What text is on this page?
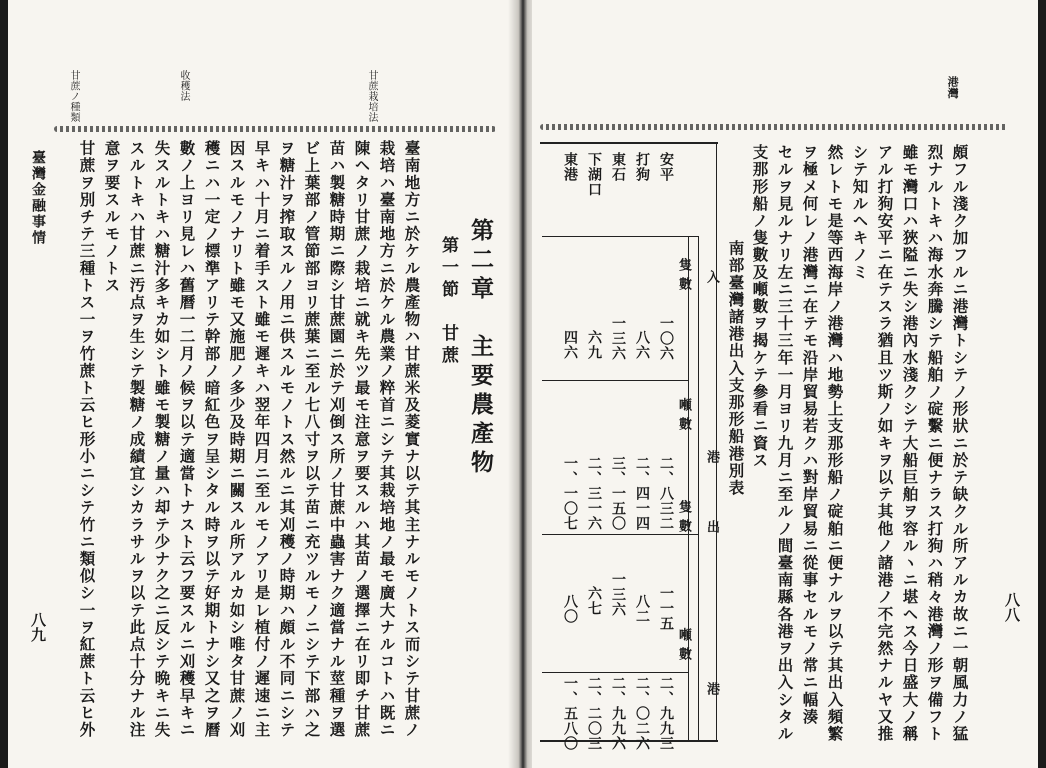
甘蔗栽培法
收穫法
甘蔗ノ種類
第二章　主要農產物
第一節　甘蔗
臺南地方ニ於ケル農產物ハ甘蔗米及菱實ナ以テ其主ナルモノトス而シテ甘蔗ノ
栽培ハ臺南地方ニ於ケル農業ノ粹首ニシテ其栽培地ノ最モ廣大ナルコトハ既ニ
陳ヘタリ甘蔗ノ栽培ニ就キ先ツ最モ注意ヲ要スルハ其苗ノ選擇ニ在リ即チ甘蔗
苗ハ製糖時期ニ際シ甘蔗園ニ於テ刈倒ス所ノ甘蔗中蟲害ナク適當ナル莖種ヲ選
ビ上葉部ノ管節部ヨリ蔗葉ニ至ル七八寸ヲ以テ苗ニ充ツルモノニシテ下部ハ之
ヲ糖汁ヲ搾取スルノ用ニ供スルモノトス然ルニ其刈穫ノ時期ハ頗ル不同ニシテ
早キハ十月ニ着手スト雖モ遲キハ翌年四月ニ至ルモノアリ是レ植付ノ遲速ニ主
因スルモノナリト雖モ又施肥ノ多少及時期ニ關スル所アルカ如シ唯タ甘蔗ノ刈
穫ニハ一定ノ標準アリテ幹部ノ暗紅色ヲ呈シタル時ヲ以テ好期トナシ又之ヲ曆
數ノ上ヨリ見レハ舊曆一二月ノ候ヲ以テ適當トナスト云フ要スルニ刈穫早キニ
失スルトキハ糖汁多キカ如シト雖モ製糖ノ量ハ却テ少ナク之ニ反シテ晩キニ失
スルトキハ甘蔗ニ汚点ヲ生シテ製糖ノ成績宜シカラサルヲ以テ此点十分ナル注
意ヲ要スルモノトス
甘蔗ヲ別チテ三種トス一ヲ竹蔗ト云ヒ形小ニシテ竹ニ類似シ一ヲ紅蔗ト云ヒ外
臺灣金融事情
八九
港灣
頗フル淺ク加フルニ港灣トシテノ形狀ニ於テ缺クル所アルカ故ニ一朝風力ノ猛
烈ナルトキハ海水奔騰シテ船舶ノ碇繫ニ便ナラス打狗ハ稍々港灣ノ形ヲ備フト
雖モ灣口ハ狹隘ニ失シ港內水淺クシテ大船巨舶ヲ容ルヽニ堪ヘス今日盛大ノ稱
アル打狗安平ニ在テスラ猶且ツ斯ノ如キヲ以テ其他ノ諸港ノ不完然ナルヤ又推
シテ知ルヘキノミ
然レトモ是等西海岸ノ港灣ハ地勢上支那形船ノ碇舶ニ便ナルヲ以テ其出入頻繁
ヲ極メ何レノ港灣ニ在テモ沿岸貿易若クハ對岸貿易ニ從事セルモノ常ニ幅湊
セルヲ見ルナリ左ニ三十三年一月ヨリ九月ニ至ルノ間臺南縣各港ヲ出入シタル
支那形船ノ隻數及噸數ヲ揭ケテ參看ニ資ス
南部臺灣諸港出入支那形船港別表
入
出
港
港
隻數
噸數
隻數
噸數
安平
一〇六
二、八三二
一一五
二、九九三
打狗
八六
二、四一四
八二
二、〇二六
東石
一三六
三、一五〇
一三六
二、九九六
下湖口
六九
二、三一六
六七
二、二〇三
東港
四六
一、一〇七
八〇
一、五八〇
八八
